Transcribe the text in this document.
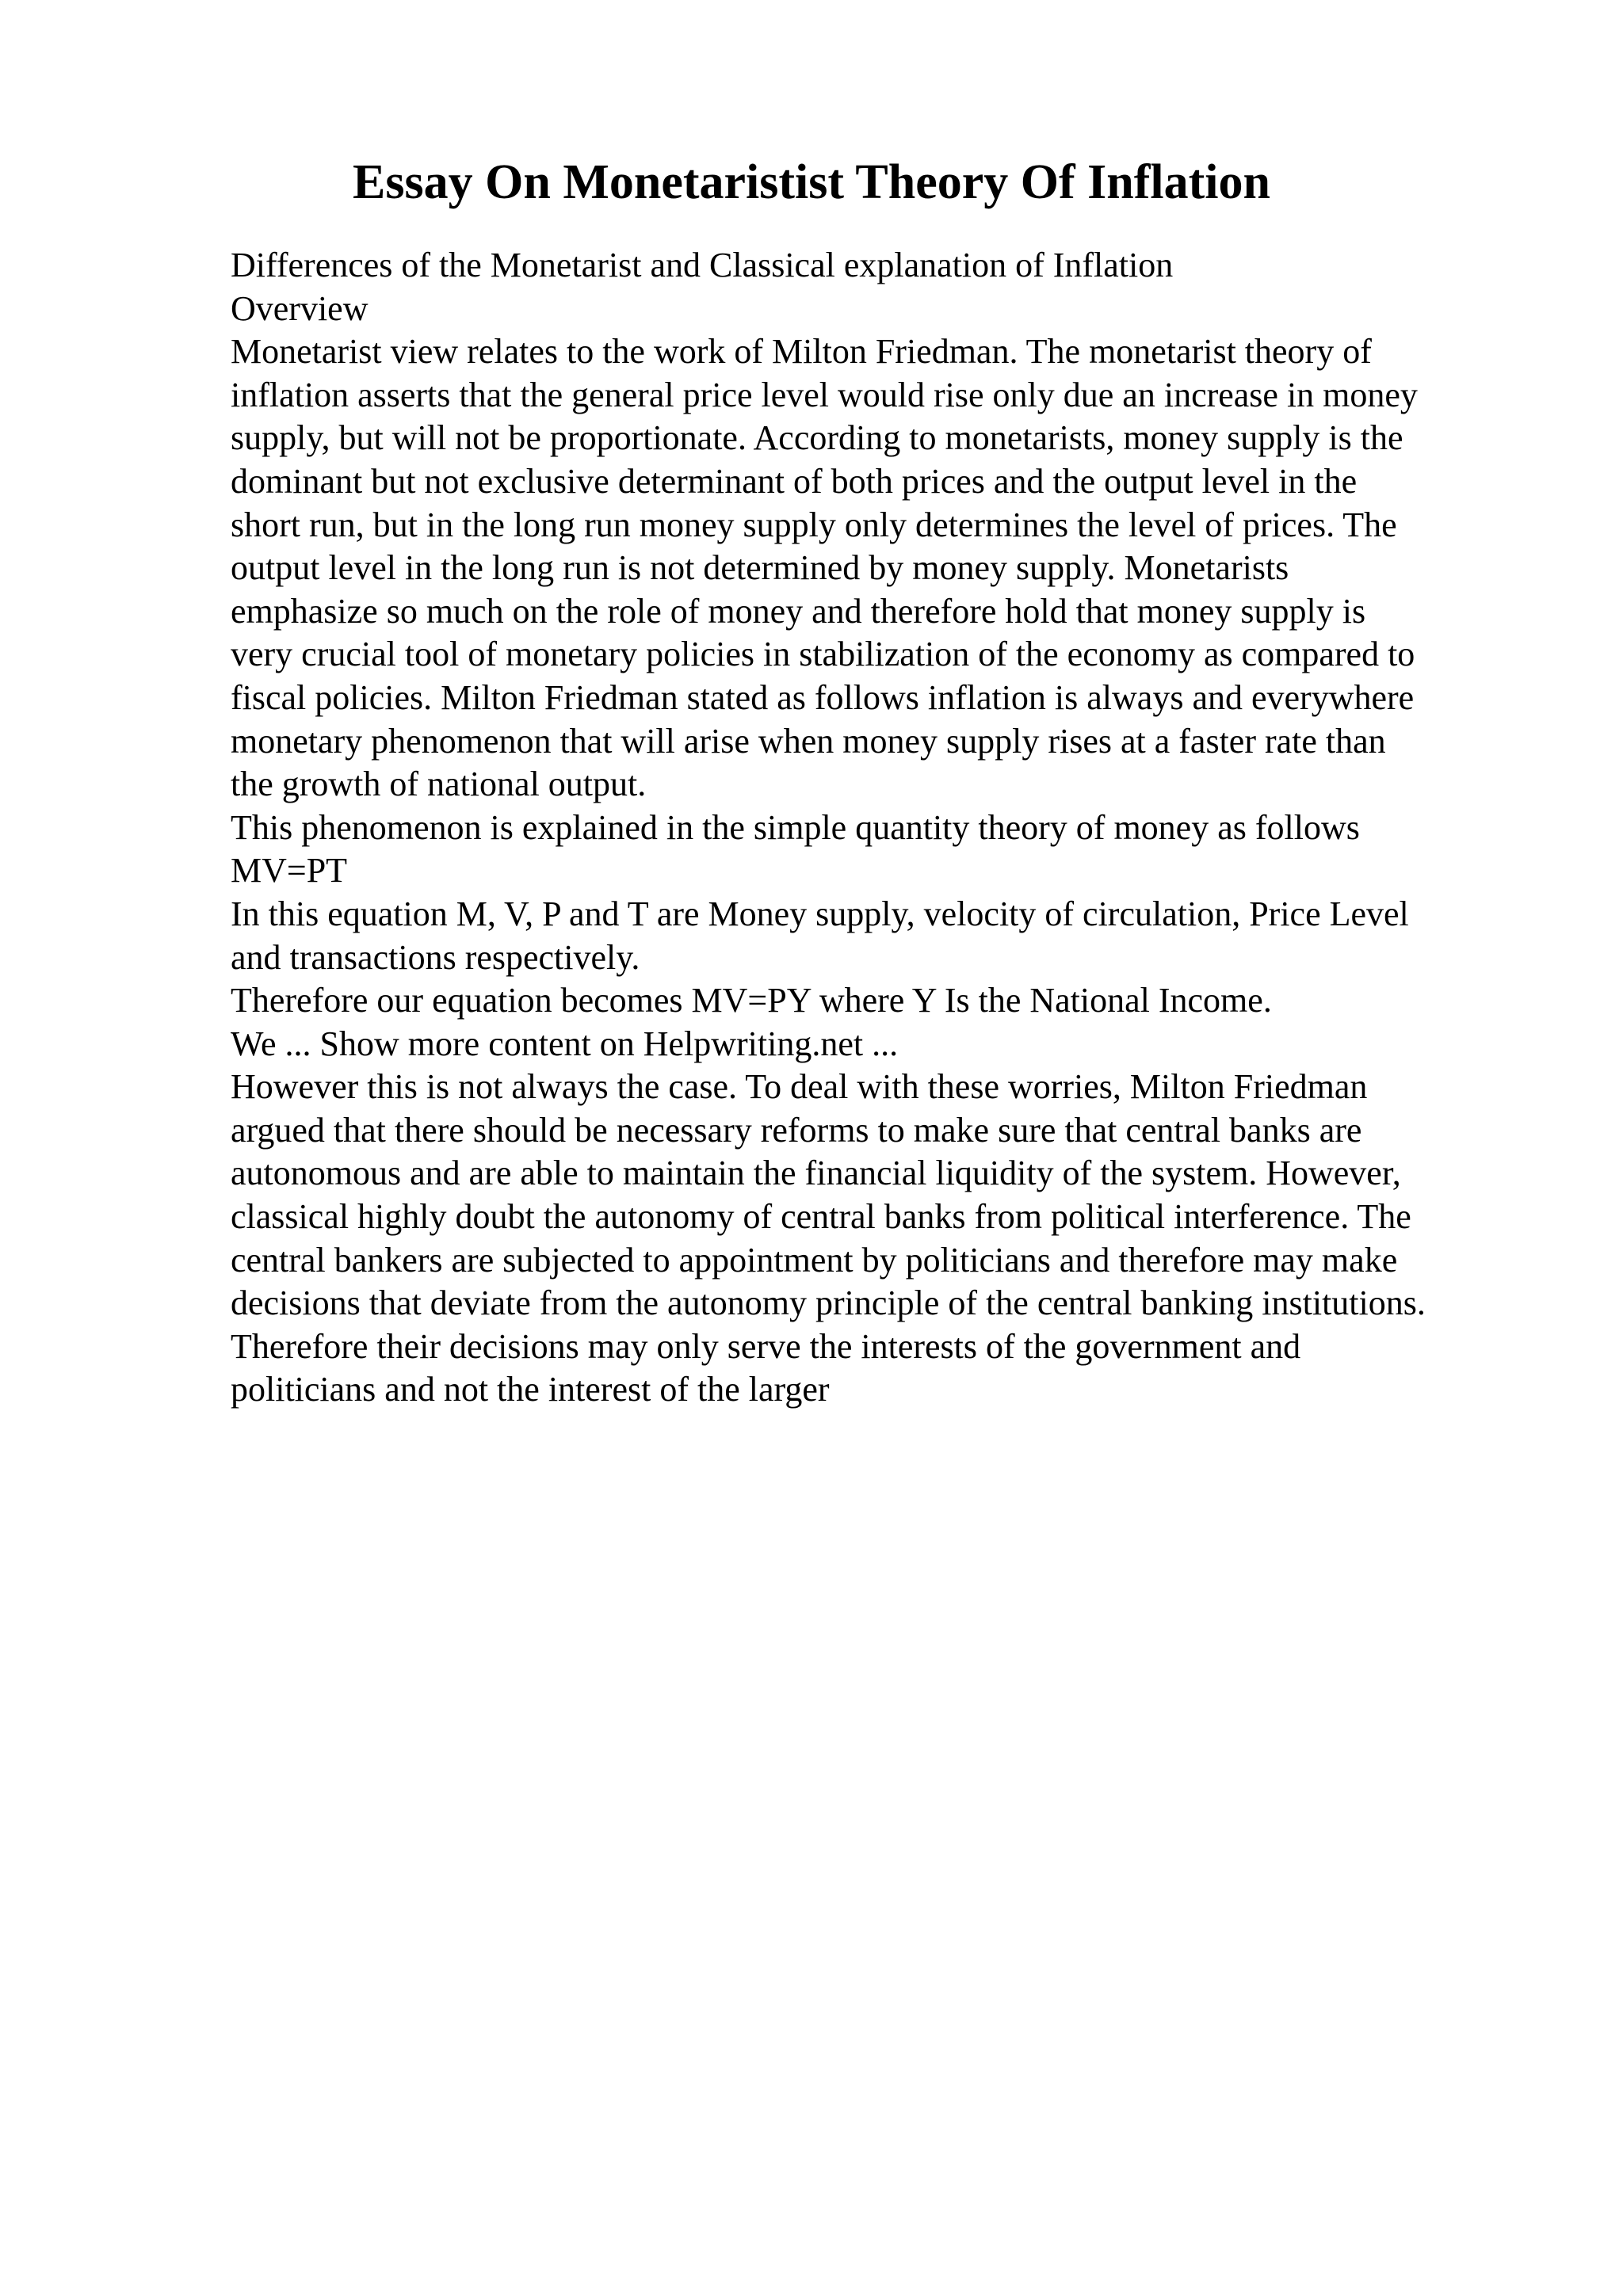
Essay On Monetaristist Theory Of Inflation
Differences of the Monetarist and Classical explanation of Inflation
Overview
Monetarist view relates to the work of Milton Friedman. The monetarist theory of
inflation asserts that the general price level would rise only due an increase in money
supply, but will not be proportionate. According to monetarists, money supply is the
dominant but not exclusive determinant of both prices and the output level in the
short run, but in the long run money supply only determines the level of prices. The
output level in the long run is not determined by money supply. Monetarists
emphasize so much on the role of money and therefore hold that money supply is
very crucial tool of monetary policies in stabilization of the economy as compared to
fiscal policies. Milton Friedman stated as follows inflation is always and everywhere
monetary phenomenon that will arise when money supply rises at a faster rate than
the growth of national output.
This phenomenon is explained in the simple quantity theory of money as follows
MV=PT
In this equation M, V, P and T are Money supply, velocity of circulation, Price Level
and transactions respectively.
Therefore our equation becomes MV=PY where Y Is the National Income.
We ... Show more content on Helpwriting.net ...
However this is not always the case. To deal with these worries, Milton Friedman
argued that there should be necessary reforms to make sure that central banks are
autonomous and are able to maintain the financial liquidity of the system. However,
classical highly doubt the autonomy of central banks from political interference. The
central bankers are subjected to appointment by politicians and therefore may make
decisions that deviate from the autonomy principle of the central banking institutions.
Therefore their decisions may only serve the interests of the government and
politicians and not the interest of the larger
